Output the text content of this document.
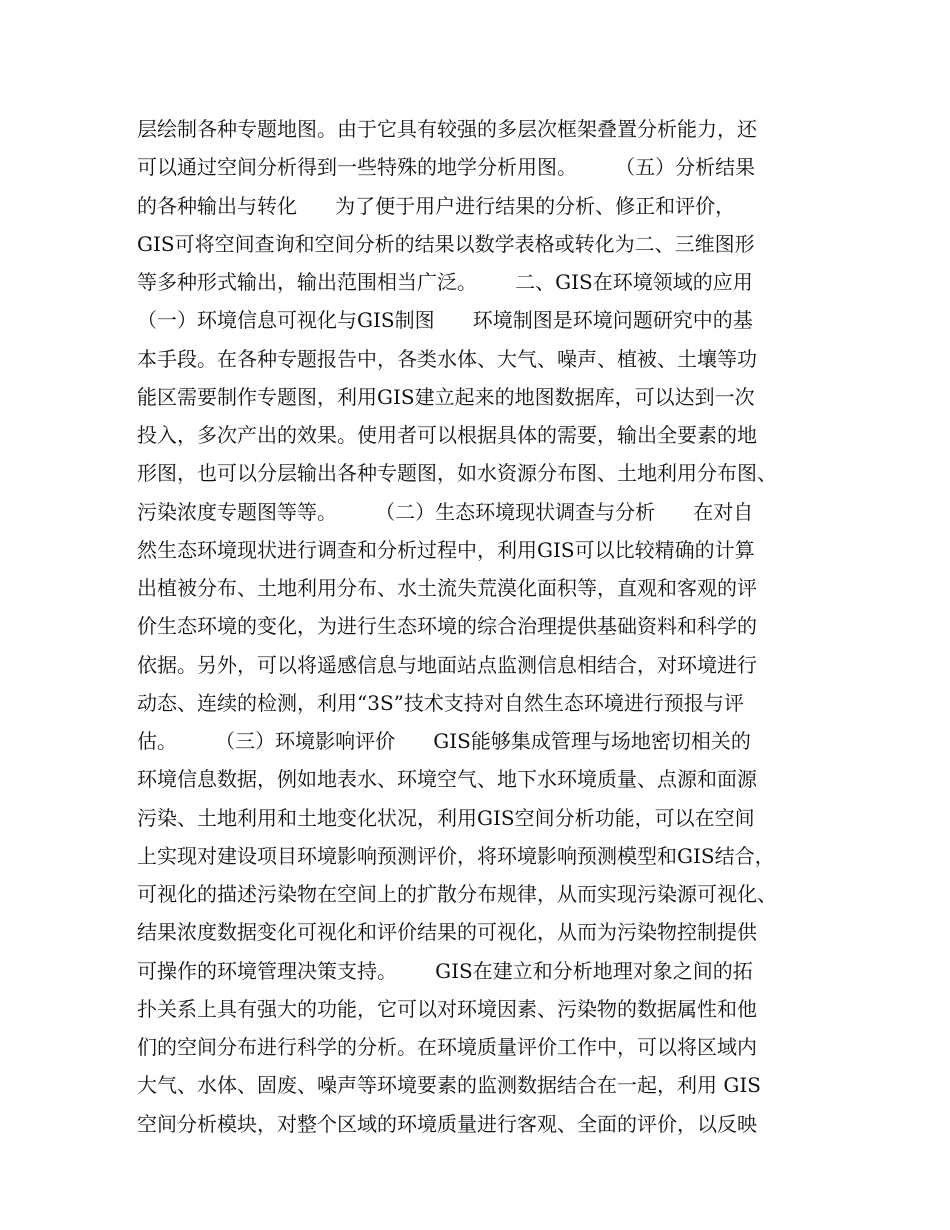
层绘制各种专题地图。由于它具有较强的多层次框架叠置分析能力，还
可以通过空间分析得到一些特殊的地学分析用图。      （五）分析结果
的各种输出与转化      为了便于用户进行结果的分析、修正和评价，
GIS可将空间查询和空间分析的结果以数学表格或转化为二、三维图形
等多种形式输出，输出范围相当广泛。      二、GIS在环境领域的应用
（一）环境信息可视化与GIS制图      环境制图是环境问题研究中的基
本手段。在各种专题报告中，各类水体、大气、噪声、植被、土壤等功
能区需要制作专题图，利用GIS建立起来的地图数据库，可以达到一次
投入，多次产出的效果。使用者可以根据具体的需要，输出全要素的地
形图，也可以分层输出各种专题图，如水资源分布图、土地利用分布图、
污染浓度专题图等等。      （二）生态环境现状调查与分析      在对自
然生态环境现状进行调查和分析过程中，利用GIS可以比较精确的计算
出植被分布、土地利用分布、水土流失荒漠化面积等，直观和客观的评
价生态环境的变化，为进行生态环境的综合治理提供基础资料和科学的
依据。另外，可以将遥感信息与地面站点监测信息相结合，对环境进行
动态、连续的检测，利用“3S”技术支持对自然生态环境进行预报与评
估。      （三）环境影响评价      GIS能够集成管理与场地密切相关的
环境信息数据，例如地表水、环境空气、地下水环境质量、点源和面源
污染、土地利用和土地变化状况，利用GIS空间分析功能，可以在空间
上实现对建设项目环境影响预测评价，将环境影响预测模型和GIS结合，
可视化的描述污染物在空间上的扩散分布规律，从而实现污染源可视化、
结果浓度数据变化可视化和评价结果的可视化，从而为污染物控制提供
可操作的环境管理决策支持。      GIS在建立和分析地理对象之间的拓
扑关系上具有强大的功能，它可以对环境因素、污染物的数据属性和他
们的空间分布进行科学的分析。在环境质量评价工作中，可以将区域内
大气、水体、固废、噪声等环境要素的监测数据结合在一起，利用 GIS
空间分析模块，对整个区域的环境质量进行客观、全面的评价，以反映
